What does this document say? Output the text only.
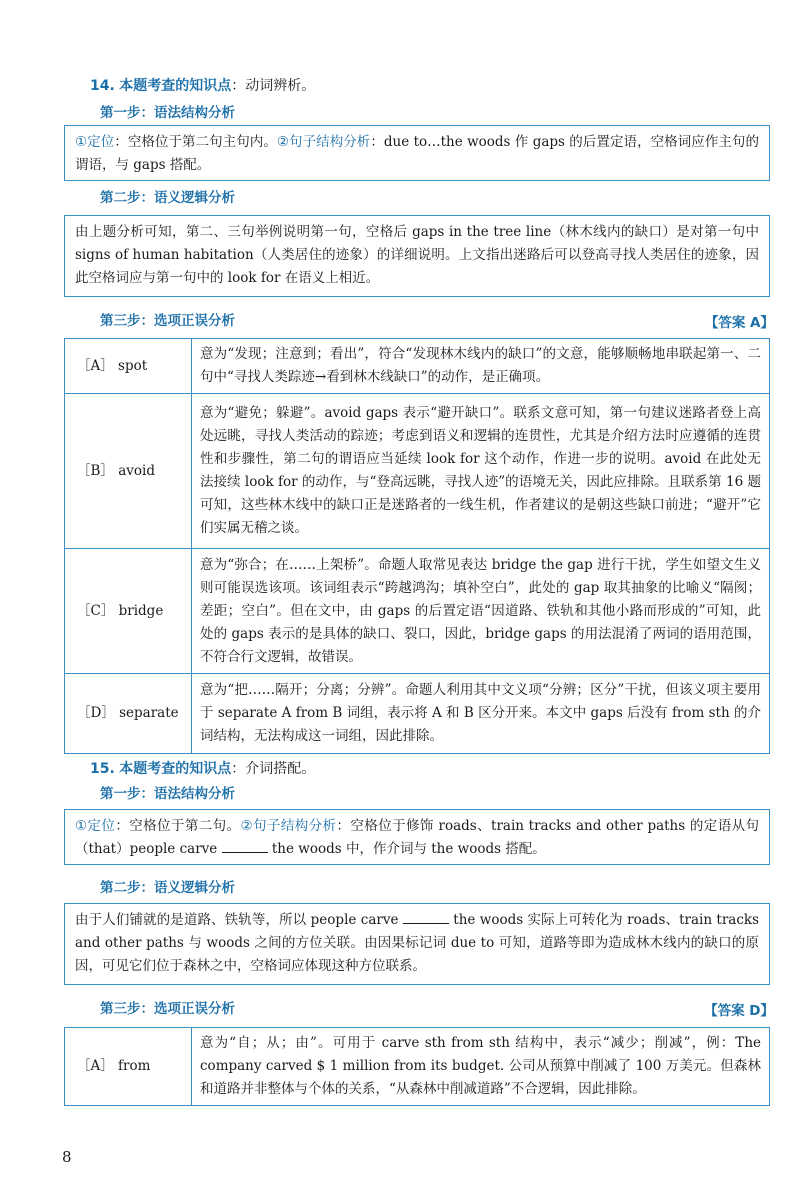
14. 本题考查的知识点：动词辨析。
第一步：语法结构分析
①定位：空格位于第二句主句内。②句子结构分析：due to…the woods 作 gaps 的后置定语，空格词应作主句的谓语，与 gaps 搭配。
第二步：语义逻辑分析
由上题分析可知，第二、三句举例说明第一句，空格后 gaps in the tree line（林木线内的缺口）是对第一句中 signs of human habitation（人类居住的迹象）的详细说明。上文指出迷路后可以登高寻找人类居住的迹象，因此空格词应与第一句中的 look for 在语义上相近。
第三步：选项正误分析	【答案 A】
［A］ spot	意为“发现；注意到；看出”，符合“发现林木线内的缺口”的文意，能够顺畅地串联起第一、二句中“寻找人类踪迹→看到林木线缺口”的动作，是正确项。
［B］ avoid	意为“避免；躲避”。avoid gaps 表示“避开缺口”。联系文意可知，第一句建议迷路者登上高处远眺，寻找人类活动的踪迹；考虑到语义和逻辑的连贯性，尤其是介绍方法时应遵循的连贯性和步骤性，第二句的谓语应当延续 look for 这个动作，作进一步的说明。avoid 在此处无法接续 look for 的动作，与“登高远眺，寻找人迹”的语境无关，因此应排除。且联系第 16 题可知，这些林木线中的缺口正是迷路者的一线生机，作者建议的是朝这些缺口前进；“避开”它们实属无稽之谈。
［C］ bridge	意为“弥合；在……上架桥”。命题人取常见表达 bridge the gap 进行干扰，学生如望文生义则可能误选该项。该词组表示“跨越鸿沟；填补空白”，此处的 gap 取其抽象的比喻义“隔阂；差距；空白”。但在文中，由 gaps 的后置定语“因道路、铁轨和其他小路而形成的”可知，此处的 gaps 表示的是具体的缺口、裂口，因此，bridge gaps 的用法混淆了两词的语用范围，不符合行文逻辑，故错误。
［D］ separate	意为“把……隔开；分离；分辨”。命题人利用其中文义项“分辨；区分”干扰，但该义项主要用于 separate A from B 词组，表示将 A 和 B 区分开来。本文中 gaps 后没有 from sth 的介词结构，无法构成这一词组，因此排除。
15. 本题考查的知识点：介词搭配。
第一步：语法结构分析
①定位：空格位于第二句。②句子结构分析：空格位于修饰 roads、train tracks and other paths 的定语从句（that）people carve	the woods 中，作介词与 the woods 搭配。
第二步：语义逻辑分析
由于人们铺就的是道路、铁轨等，所以 people carve	the woods 实际上可转化为 roads、train tracks and other paths 与 woods 之间的方位关联。由因果标记词 due to 可知，道路等即为造成林木线内的缺口的原因，可见它们位于森林之中，空格词应体现这种方位联系。
第三步：选项正误分析	【答案 D】
［A］ from	意为“自；从；由”。可用于 carve sth from sth 结构中，表示“减少；削减”，例：The company carved $ 1 million from its budget. 公司从预算中削减了 100 万美元。但森林和道路并非整体与个体的关系，“从森林中削减道路”不合逻辑，因此排除。
8
